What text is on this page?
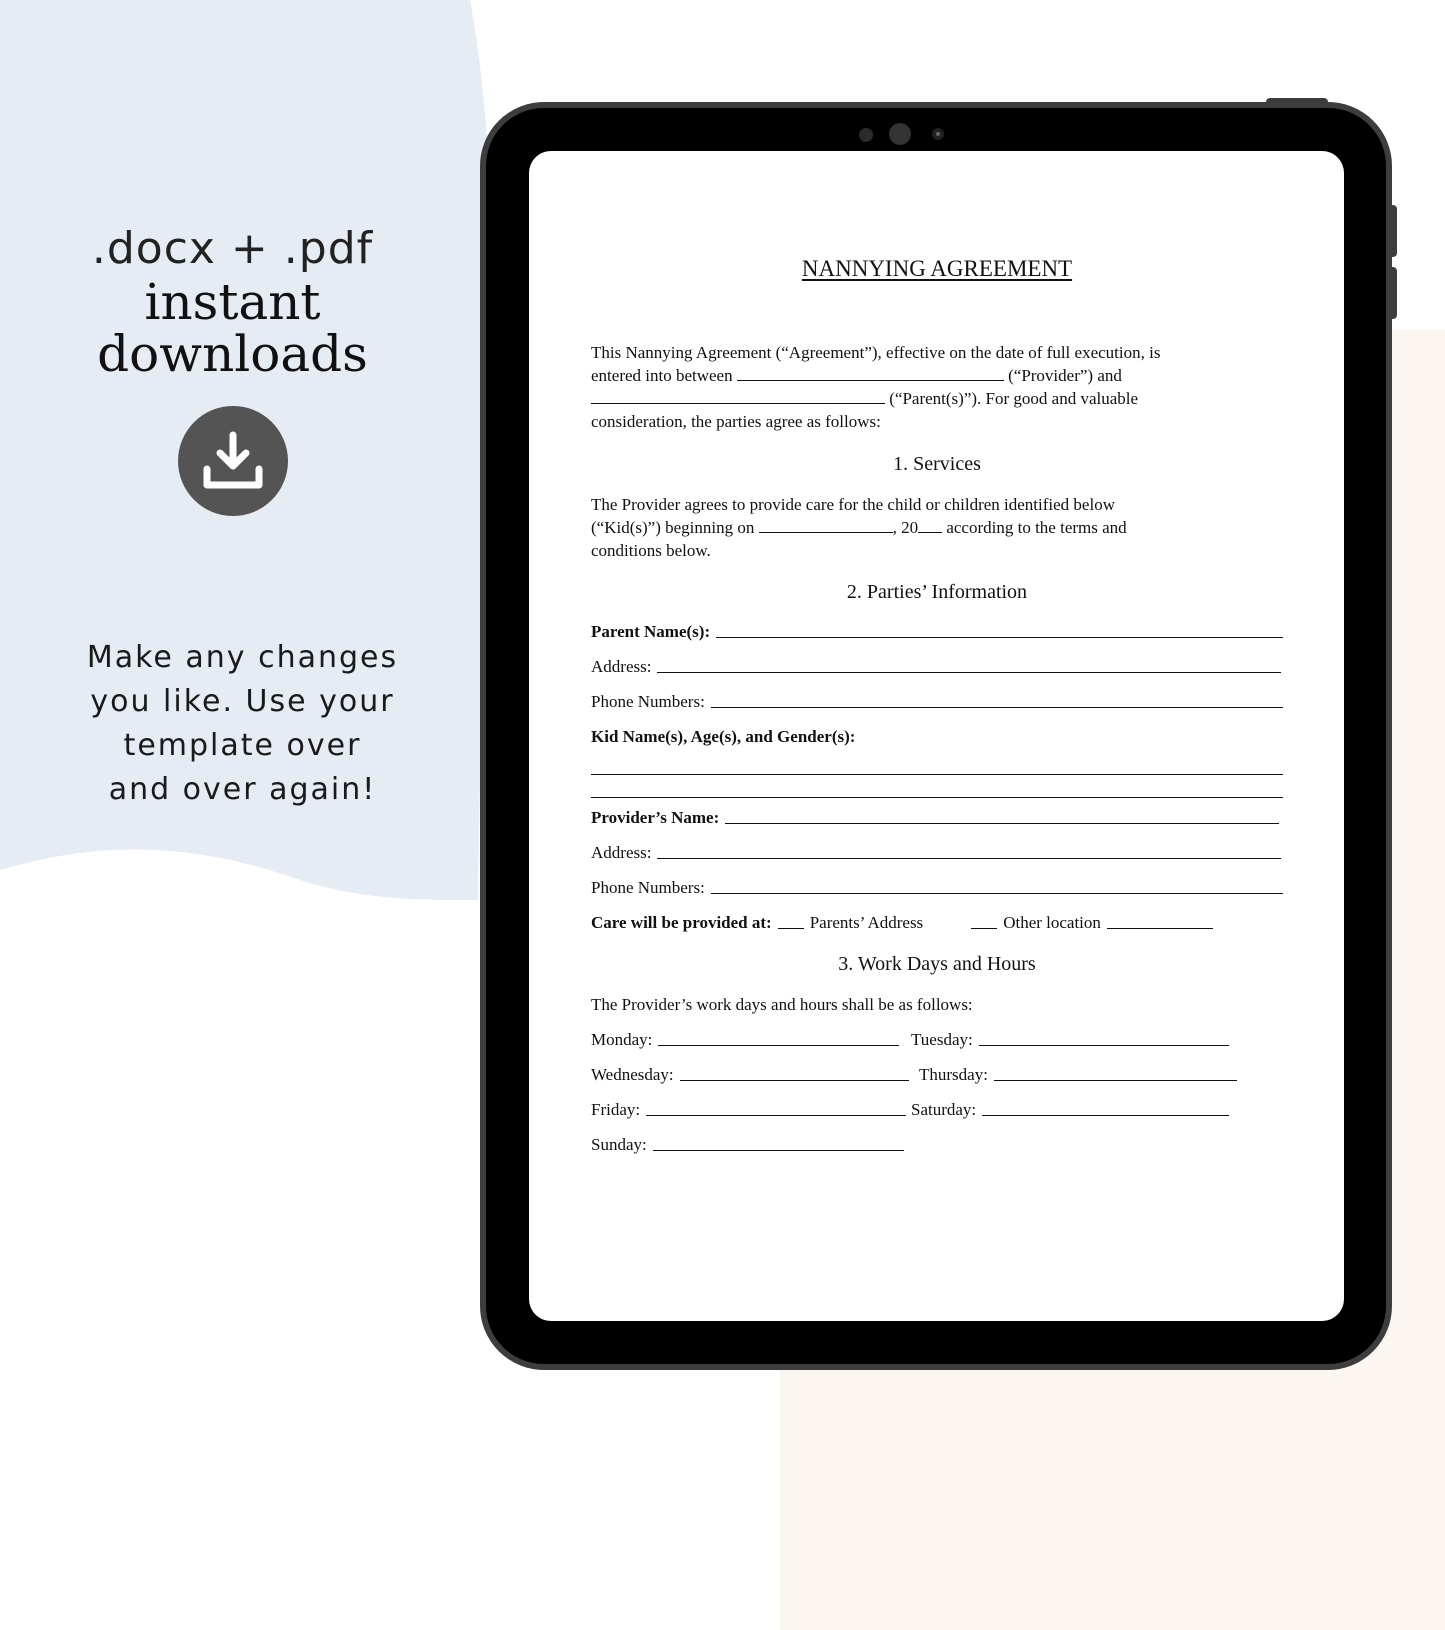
.docx + .pdf
instant
downloads
Make any changes
you like. Use your
template over
and over again!
NANNYING AGREEMENT
This Nannying Agreement (“Agreement”), effective on the date of full execution, is
entered into between	(“Provider”) and
(“Parent(s)”). For good and valuable
consideration, the parties agree as follows:
1. Services
The Provider agrees to provide care for the child or children identified below
(“Kid(s)”) beginning on	, 20 according to the terms and
conditions below.
2. Parties’ Information
Parent Name(s):
Address:
Phone Numbers:
Kid Name(s), Age(s), and Gender(s):
Provider’s Name:
Address:
Phone Numbers:
Care will be provided at: Parents’ Address	Other location
3. Work Days and Hours
The Provider’s work days and hours shall be as follows:
Monday:	Tuesday:
Wednesday:	Thursday:
Friday:	Saturday:
Sunday:
